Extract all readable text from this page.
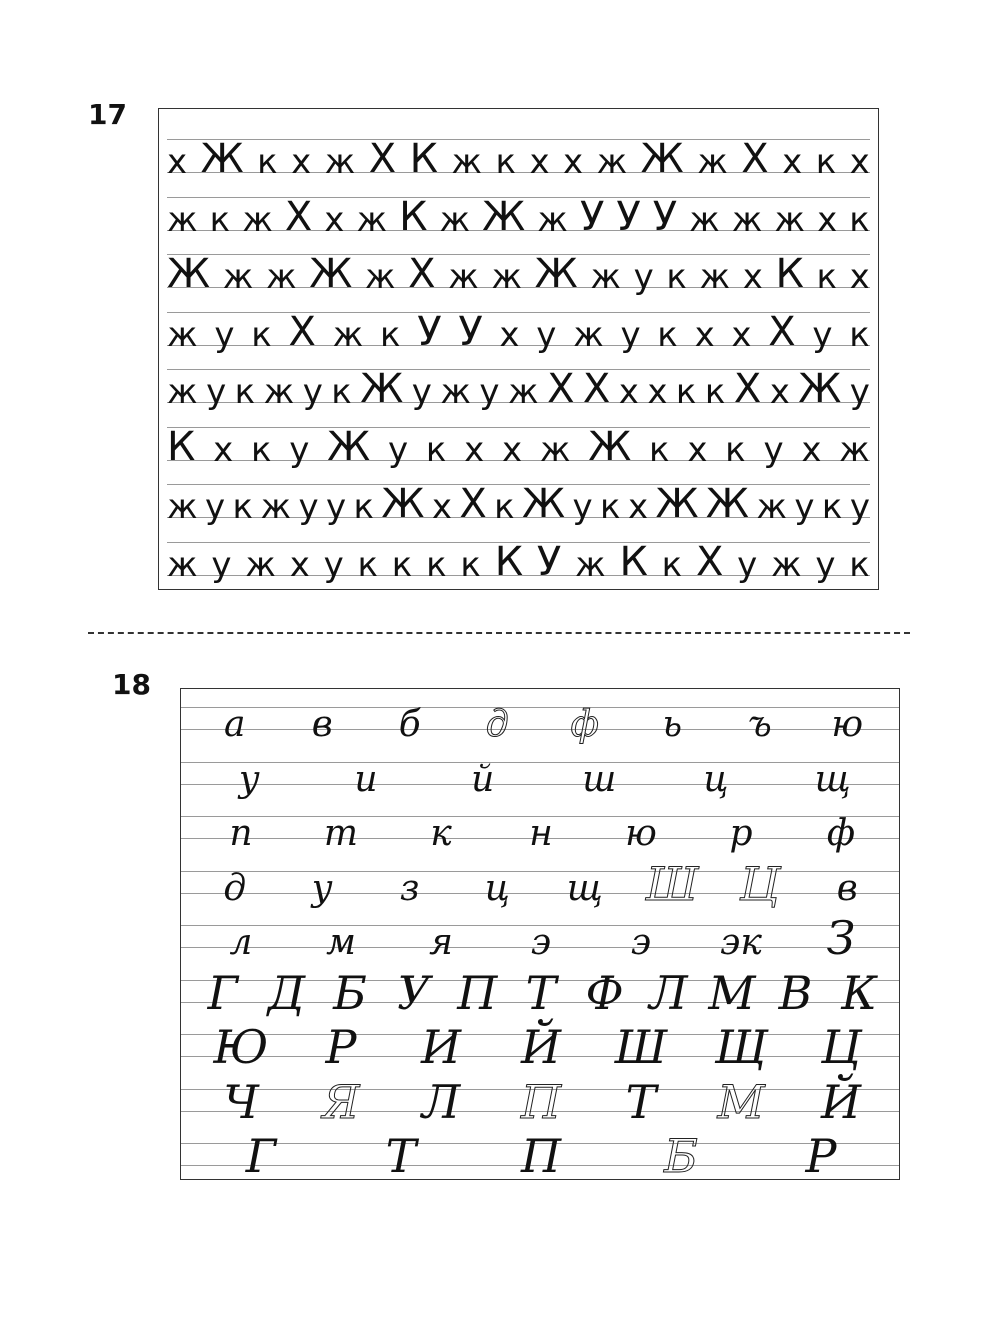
17
х Ж к х ж Х К ж к х х ж Ж ж Х х к х
ж к ж Х х ж К ж Ж ж У У У ж ж ж х к
Ж ж ж Ж ж Х ж ж Ж ж у к ж х К к х
ж у к Х ж к У У х у ж у к х х Х у к
ж у к ж у к Ж у ж у ж Х Х х х к к Х х Ж у
К х к у Ж у к х х ж Ж к х к у х ж
ж у к ж у у к Ж х Х к Ж у к х Ж Ж ж у к у
ж у ж х у к к к к К У ж К к Х у ж у к
18
а в б д ф ь ъ ю
у	и	й ш ц щ
п т к н ю р ф
д у з ц щ Ш Ц в
л м я э э эк З
Г Д Б У П Т Ф Л М В К
Ю Р И Й Ш Щ Ц
Ч Я Л П Т М Й
Г Т П Б Р
